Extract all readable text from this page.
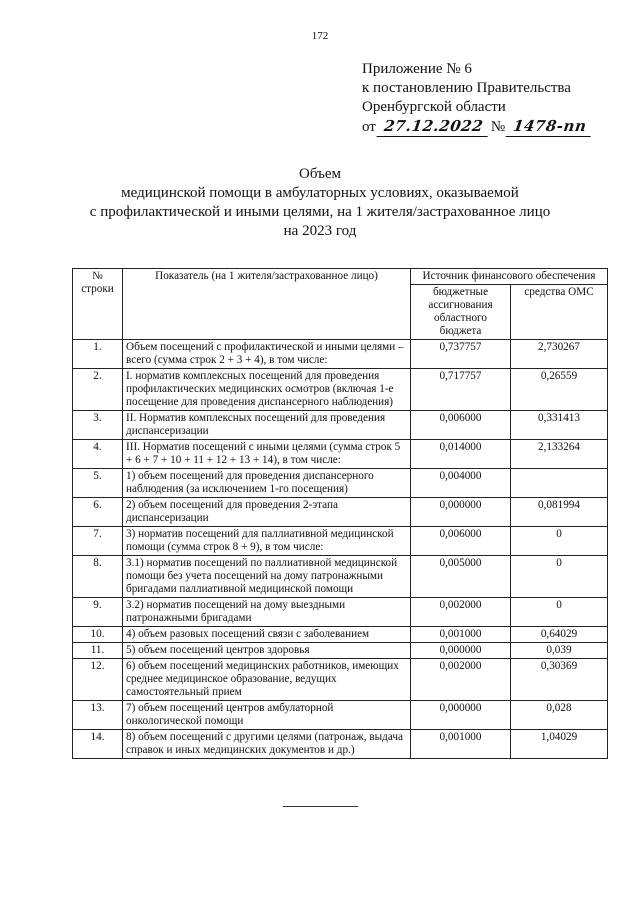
172
Приложение № 6
к постановлению Правительства
Оренбургской области
от 27.12.2022 № 1478-пп
Объем
медицинской помощи в амбулаторных условиях, оказываемой
с профилактической и иными целями, на 1 жителя/застрахованное лицо
на 2023 год
№ строки	Показатель (на 1 жителя/застрахованное лицо)	Источник финансового обеспечения	
		бюджетные ассигнования областного бюджета	средства ОМС
1.	Объем посещений с профилактической и иными целями – всего (сумма строк 2 + 3 + 4), в том числе:	0,737757	2,730267
2.	I. норматив комплексных посещений для проведения профилактических медицинских осмотров (включая 1-е посещение для проведения диспансерного наблюдения)	0,717757	0,26559
3.	II. Норматив комплексных посещений для проведения диспансеризации	0,006000	0,331413
4.	III. Норматив посещений с иными целями (сумма строк 5 + 6 + 7 + 10 + 11 + 12 + 13 + 14), в том числе:	0,014000	2,133264
5.	1) объем посещений для проведения диспансерного наблюдения (за исключением 1-го посещения)	0,004000	
6.	2) объем посещений для проведения 2-этапа диспансеризации	0,000000	0,081994
7.	3) норматив посещений для паллиативной медицинской помощи (сумма строк 8 + 9), в том числе:	0,006000	0
8.	3.1) норматив посещений по паллиативной медицинской помощи без учета посещений на дому патронажными бригадами паллиативной медицинской помощи	0,005000	0
9.	3.2) норматив посещений на дому выездными патронажными бригадами	0,002000	0
10.	4) объем разовых посещений связи с заболеванием	0,001000	0,64029
11.	5) объем посещений центров здоровья	0,000000	0,039
12.	6) объем посещений медицинских работников, имеющих среднее медицинское образование, ведущих самостоятельный прием	0,002000	0,30369
13.	7) объем посещений центров амбулаторной онкологической помощи	0,000000	0,028
14.	8) объем посещений с другими целями (патронаж, выдача справок и иных медицинских документов и др.)	0,001000	1,04029
